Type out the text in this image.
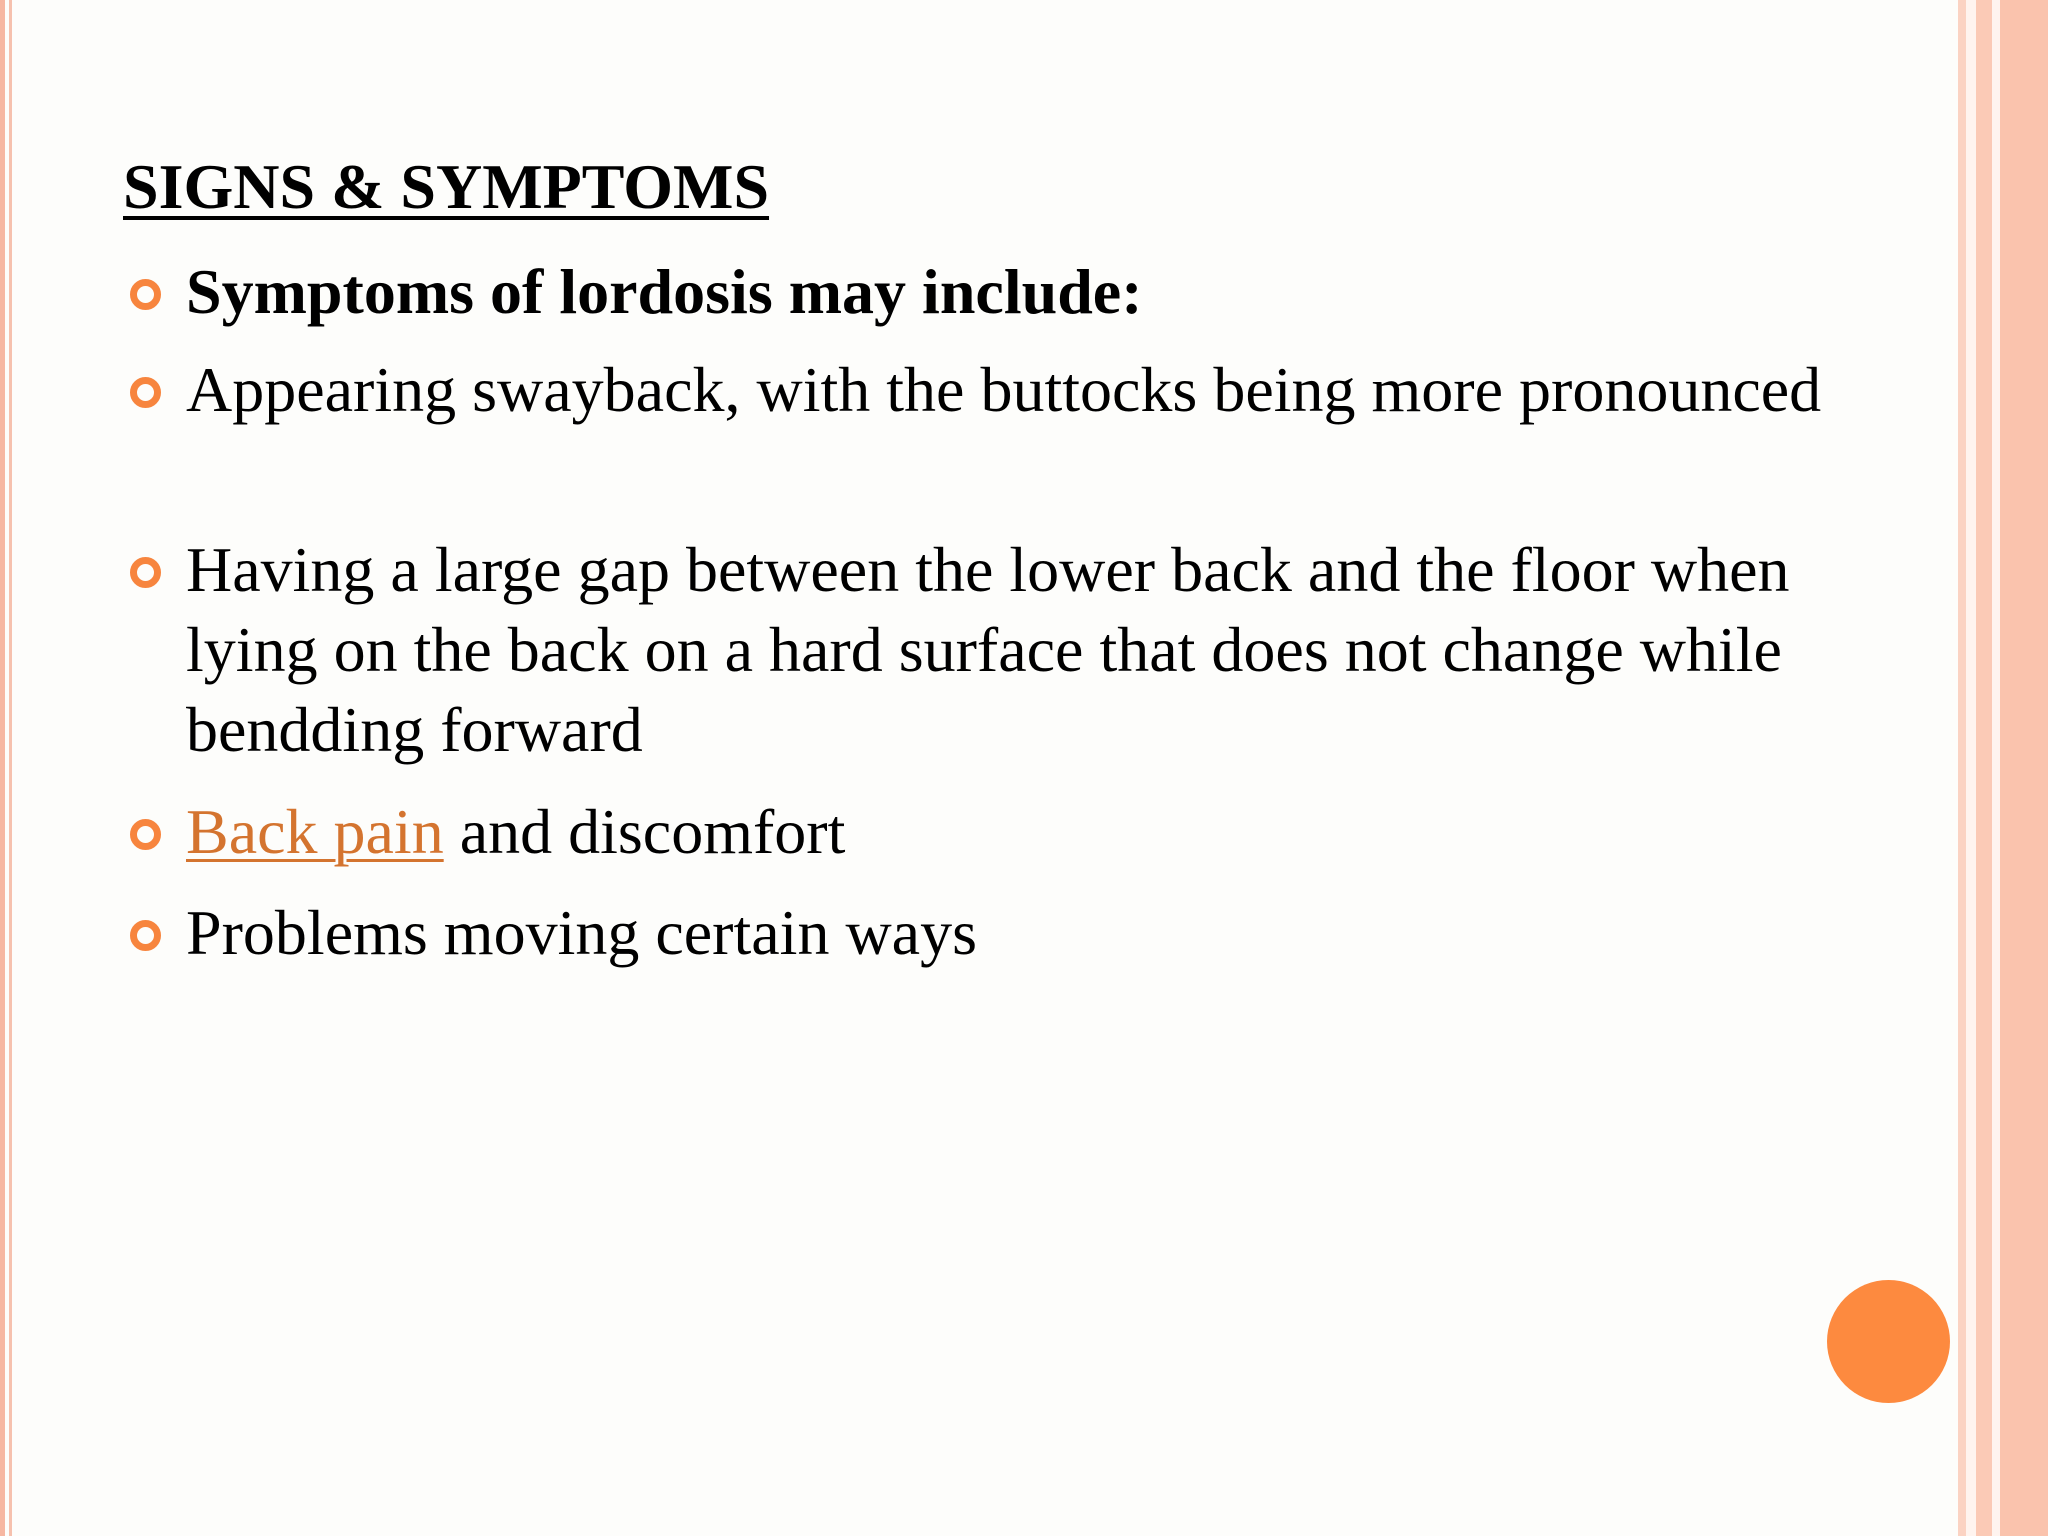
SIGNS & SYMPTOMS
Symptoms of lordosis may include:
Appearing swayback, with the buttocks being more pronounced
Having a large gap between the lower back and the floor when lying on the back on a hard surface that does not change while bendding forward
Back pain and discomfort
Problems moving certain ways
